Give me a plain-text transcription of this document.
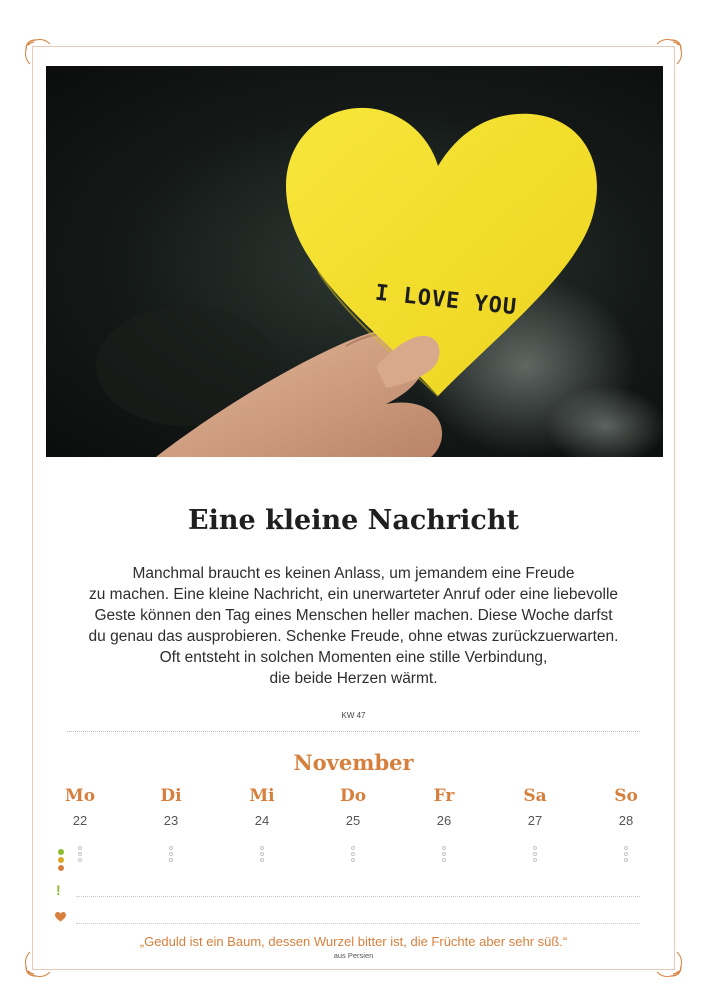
I LOVE YOU
Eine kleine Nachricht
Manchmal braucht es keinen Anlass, um jemandem eine Freude
zu machen. Eine kleine Nachricht, ein unerwarteter Anruf oder eine liebevolle
Geste können den Tag eines Menschen heller machen. Diese Woche darfst
du genau das ausprobieren. Schenke Freude, ohne etwas zurückzuerwarten.
Oft entsteht in solchen Momenten eine stille Verbindung,
die beide Herzen wärmt.
KW 47
November
Mo
22
Di
23
Mi
24
Do
25
Fr
26
Sa
27
So
28
!
„Geduld ist ein Baum, dessen Wurzel bitter ist, die Früchte aber sehr süß.“
aus Persien
